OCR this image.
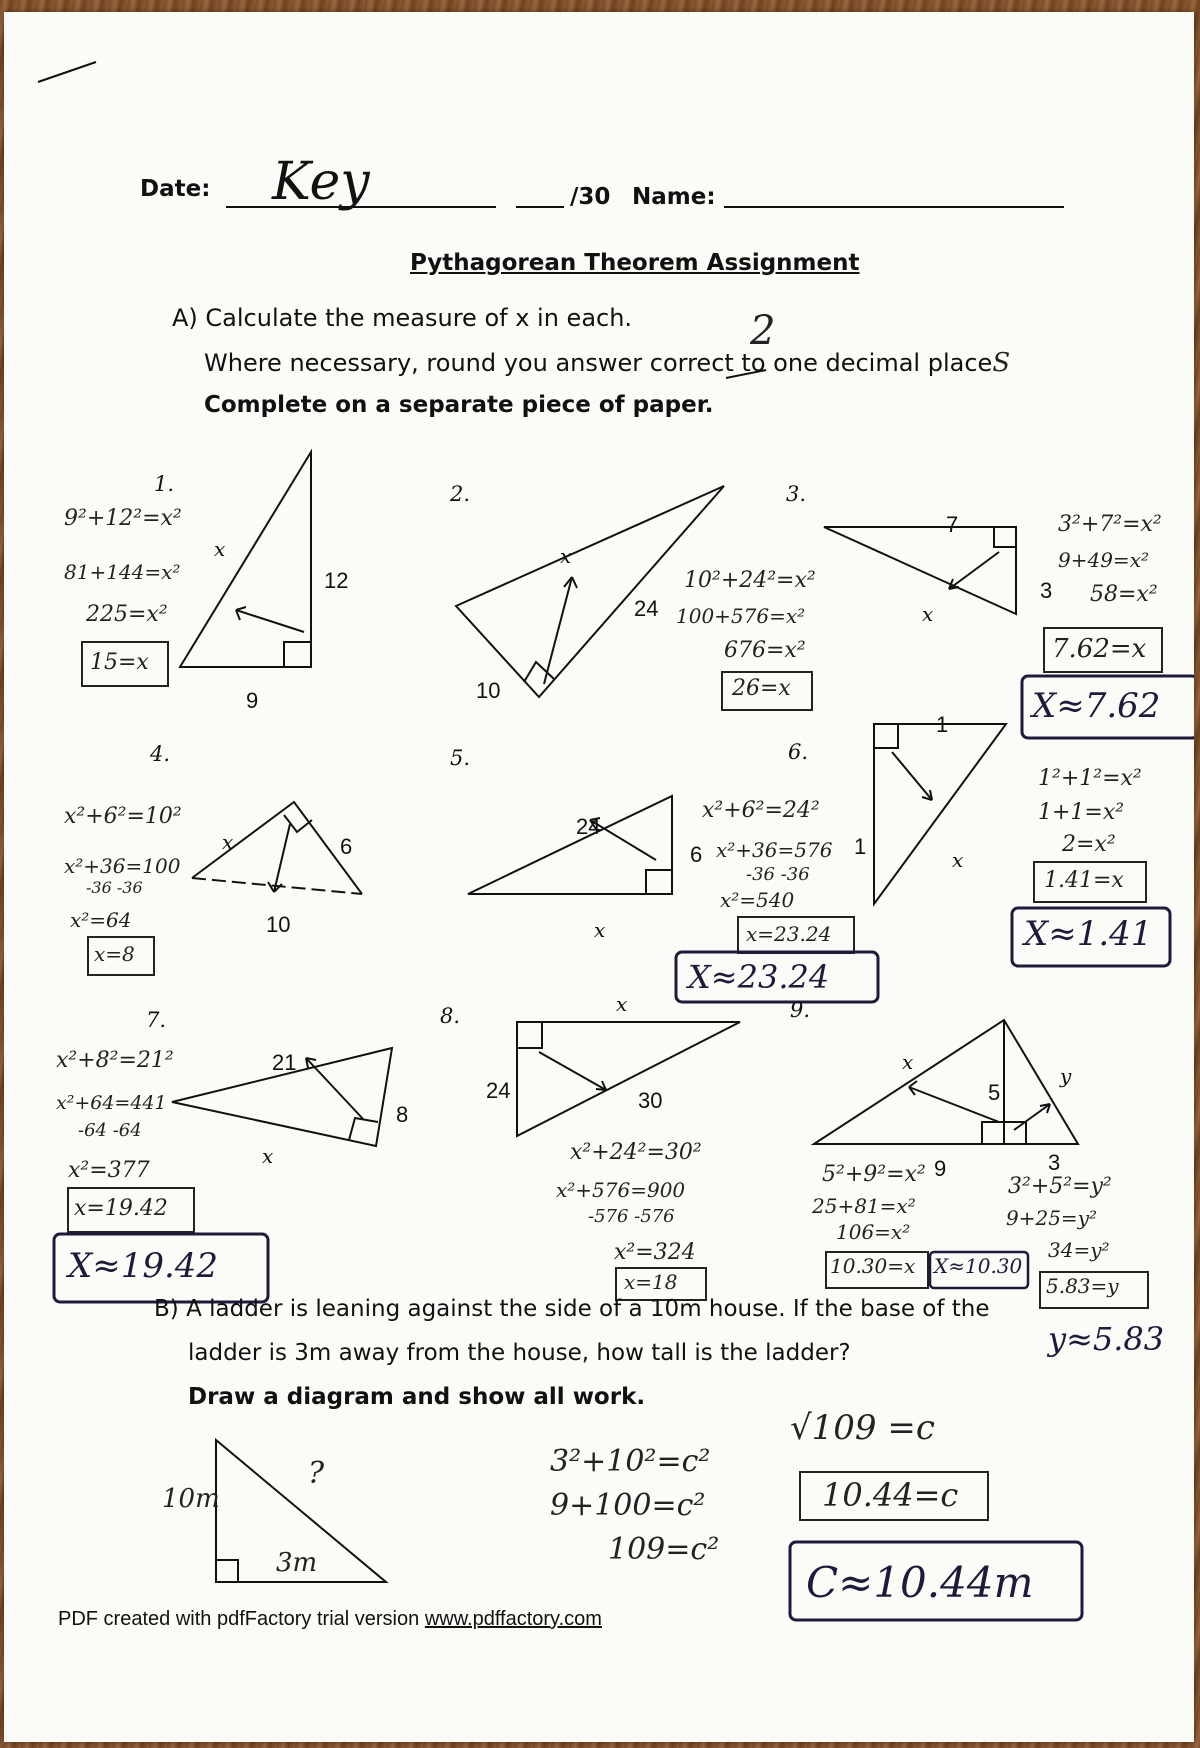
Date: Key	/30 Name:
Pythagorean Theorem Assignment
A) Calculate the measure of x in each.
Where necessary, round you answer correct to one decimal placeS
2
Complete on a separate piece of paper.
1.
x
12
9
9²+12²=x²
81+144=x²
225=x²
15=x
2.
x
24
10
10²+24²=x²
100+576=x²
676=x²
26=x
3.
7
3
x
3²+7²=x²
9+49=x²
58=x²
7.62=x
X≈7.62
4.
x	6
10
x²+6²=10²
x²+36=100
-36 -36
x²=64
x=8
5.
24
6
x
x²+6²=24²
x²+36=576
-36 -36
x²=540
x=23.24
X≈23.24
6.
1
1
x
1²+1²=x²
1+1=x²
2=x²
1.41=x
X≈1.41
7.
21
8
x
x²+8²=21²
x²+64=441
-64 -64
x²=377
x=19.42
X≈19.42
8.	x
24	30
x²+24²=30²
x²+576=900
-576 -576
x²=324
x=18
9.
x
y
5
9	3
5²+9²=x²
25+81=x²
106=x²
10.30=x X≈10.30
3²+5²=y²
9+25=y²
34=y²
5.83=y
y≈5.83
B) A ladder is leaning against the side of a 10m house. If the base of the
ladder is 3m away from the house, how tall is the ladder?
Draw a diagram and show all work.
10m
3m
?	3²+10²=c²
9+100=c²
109=c²
√109 =c
10.44=c
C≈10.44m
PDF created with pdfFactory trial version www.pdffactory.com
